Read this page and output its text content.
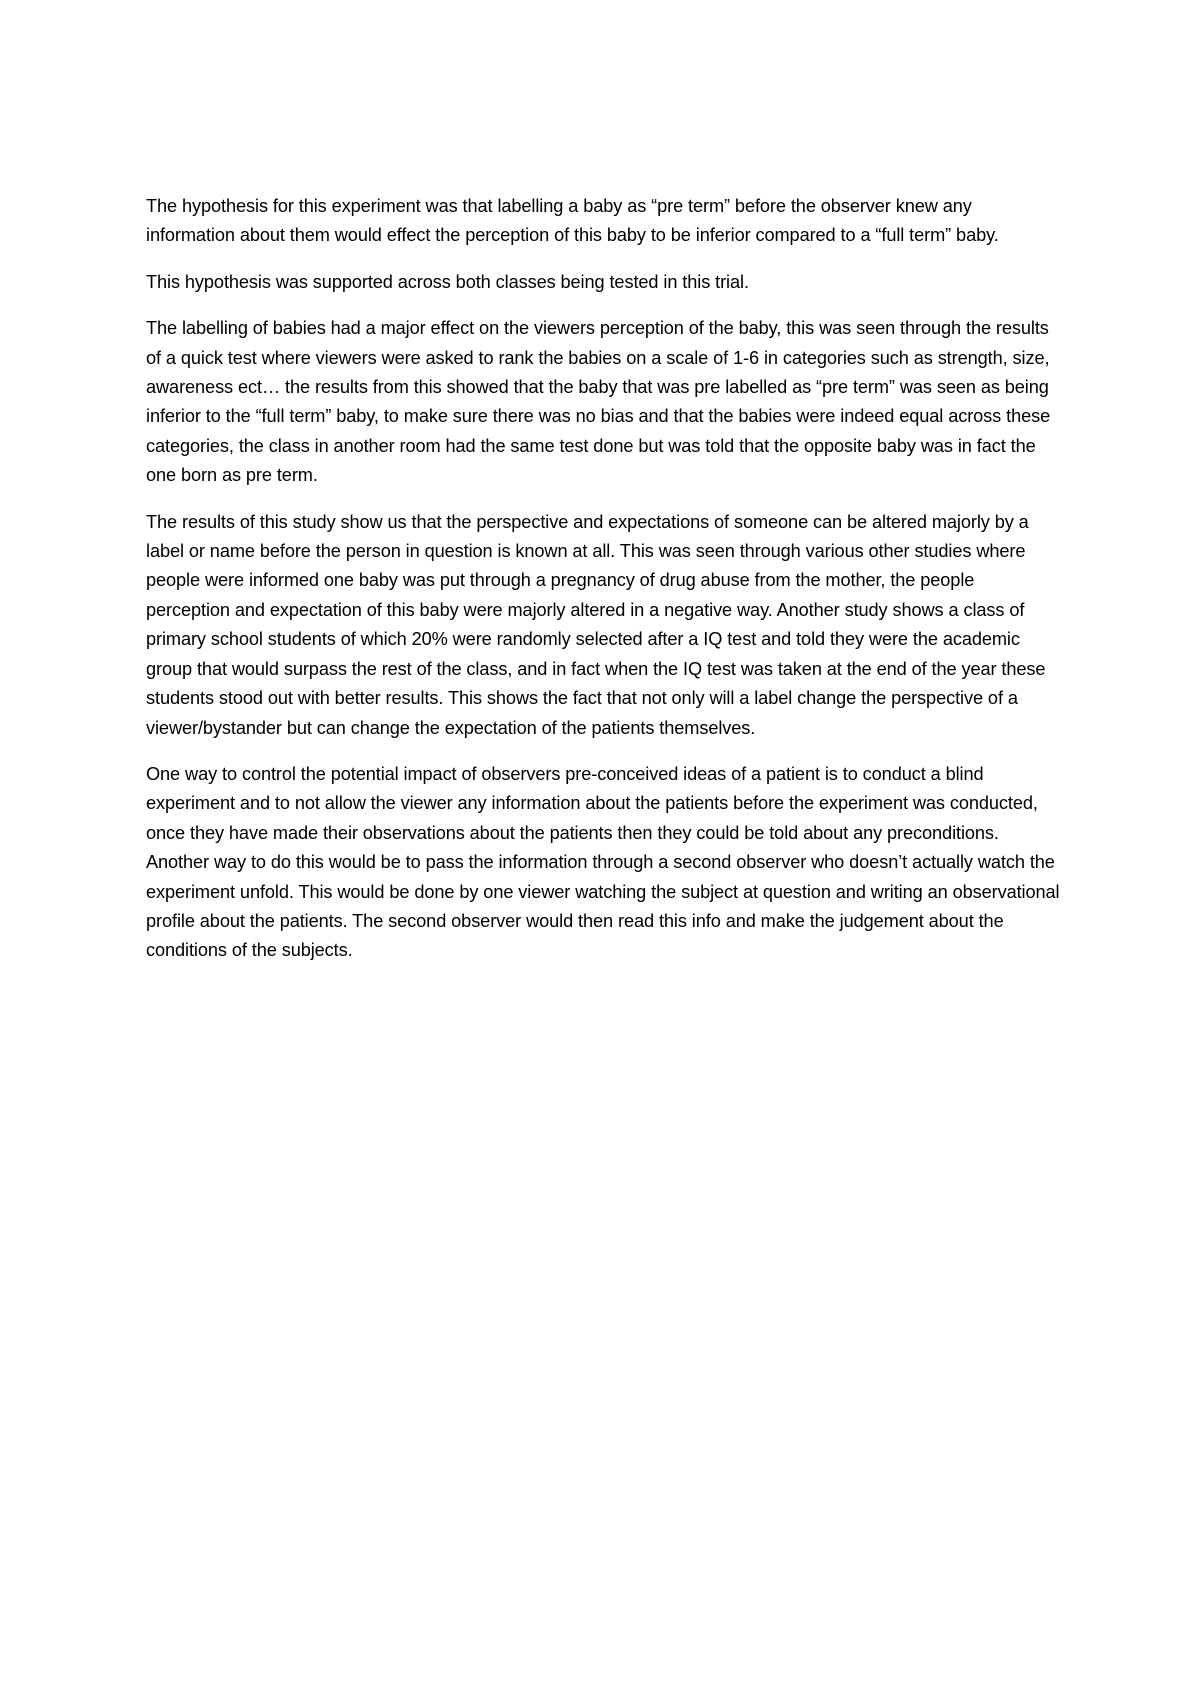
The hypothesis for this experiment was that labelling a baby as “pre term” before the observer knew any information about them would effect the perception of this baby to be inferior compared to a “full term” baby.

This hypothesis was supported across both classes being tested in this trial.

The labelling of babies had a major effect on the viewers perception of the baby, this was seen through the results of a quick test where viewers were asked to rank the babies on a scale of 1-6 in categories such as strength, size, awareness ect… the results from this showed that the baby that was pre labelled as “pre term” was seen as being inferior to the “full term” baby, to make sure there was no bias and that the babies were indeed equal across these categories, the class in another room had the same test done but was told that the opposite baby was in fact the one born as pre term.

The results of this study show us that the perspective and expectations of someone can be altered majorly by a label or name before the person in question is known at all. This was seen through various other studies where people were informed one baby was put through a pregnancy of drug abuse from the mother, the people perception and expectation of this baby were majorly altered in a negative way. Another study shows a class of primary school students of which 20% were randomly selected after a IQ test and told they were the academic group that would surpass the rest of the class, and in fact when the IQ test was taken at the end of the year these students stood out with better results. This shows the fact that not only will a label change the perspective of a viewer/bystander but can change the expectation of the patients themselves.

One way to control the potential impact of observers pre-conceived ideas of a patient is to conduct a blind experiment and to not allow the viewer any information about the patients before the experiment was conducted, once they have made their observations about the patients then they could be told about any preconditions. Another way to do this would be to pass the information through a second observer who doesn’t actually watch the experiment unfold. This would be done by one viewer watching the subject at question and writing an observational profile about the patients. The second observer would then read this info and make the judgement about the conditions of the subjects.
